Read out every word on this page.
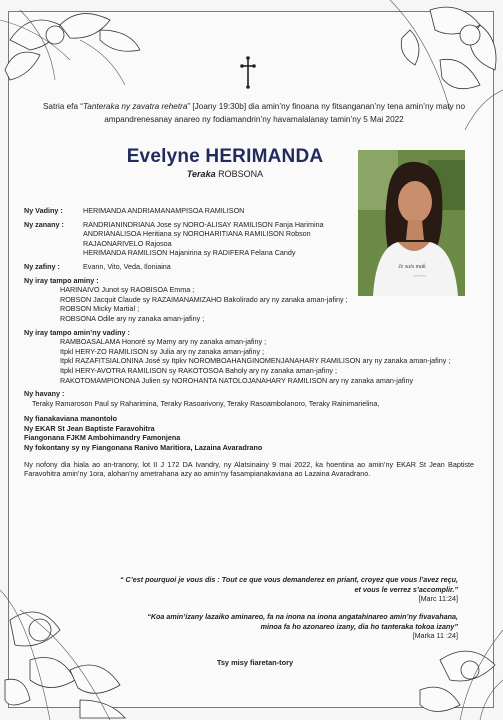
Satria efa “Tanteraka ny zavatra rehetra” [Joany 19:30b] dia amin’ny finoana ny fitsanganan’ny tena amin’ny maty no ampandrenesanay anareo ny fodiamandrin’ny havamalalanay tamin’ny 5 Mai 2022
Evelyne HERIMANDA
Teraka ROBSONA
Je suis mak
~~~~
Ny Vadiny :	HERIMANDA ANDRIAMANAMPISOA RAMILISON
Ny zanany :	RANDRIANINDRIANA Jose sy NORO-ALISAY RAMILISON Fanja Harimina
ANDRIANALISOA Heritiana sy NOROHARITIANA RAMILISON Robson
RAJAONARIVELO Rajosoa
HERIMANDA RAMILISON Hajanirina sy RADIFERA Felana Candy
Ny zafiny :	Evann, Vito, Veda, Iloniaina
Ny iray tampo aminy :
HARINAIVO Junot sy RAOBISOA Emma ;
ROBSON Jacquit Claude sy RAZAIMANAMIZAHO Bakolirado ary ny zanaka aman-jafiny ;
ROBSON Micky Martial ;
ROBSONA Odile ary ny zanaka aman-jafiny ;
Ny iray tampo amin’ny vadiny :
RAMBOASALAMA Honoré sy Mamy ary ny zanaka aman-jafiny ;
Itpkl HERY-ZO RAMILISON sy Julia ary ny zanaka aman-jafiny ;
Itpkl RAZAFITSIALONINA José sy Itpkv NOROMBOAHANGINOMENJANAHARY RAMILISON ary ny zanaka aman-jafiny ;
Itpkl HERY-AVOTRA RAMILISON sy RAKOTOSOA Baholy ary ny zanaka aman-jafiny ;
RAKOTOMAMPIONONA Julien sy NOROHANTA NATOLOJANAHARY RAMILISON ary ny zanaka aman-jafiny
Ny havany :
Teraky Ramaroson Paul sy Raharimina, Teraky Rasoarivony, Teraky Rasoambolanoro, Teraky Rainimarielina,
Ny fianakaviana manontolo
Ny EKAR St Jean Baptiste Faravohitra
Fiangonana FJKM Ambohimandry Famonjena
Ny fokontany sy ny Fiangonana Ranivo Maritiora, Lazaina Avaradrano
Ny nofony dia hiala ao an-tranony, lot II J 172 DA Ivandry, ny Alatsinainy 9 mai 2022, ka hoentina ao amin’ny EKAR St Jean Baptiste Faravohitra amin’ny 1ora, alohan’ny ametrahana azy ao amin’ny fasampianakaviana ao Lazaina Avaradrano.
“ C’est pourquoi je vous dis : Tout ce que vous demanderez en priant, croyez que vous l’avez reçu,
et vous le verrez s’accomplir.”
[Marc 11:24]
“Koa amin’izany lazaiko aminareo, fa na inona na inona angatahinareo amin’ny fivavahana,
minoa fa ho azonareo izany, dia ho tanteraka tokoa izany”
[Marka 11 :24]
Tsy misy fiaretan-tory
